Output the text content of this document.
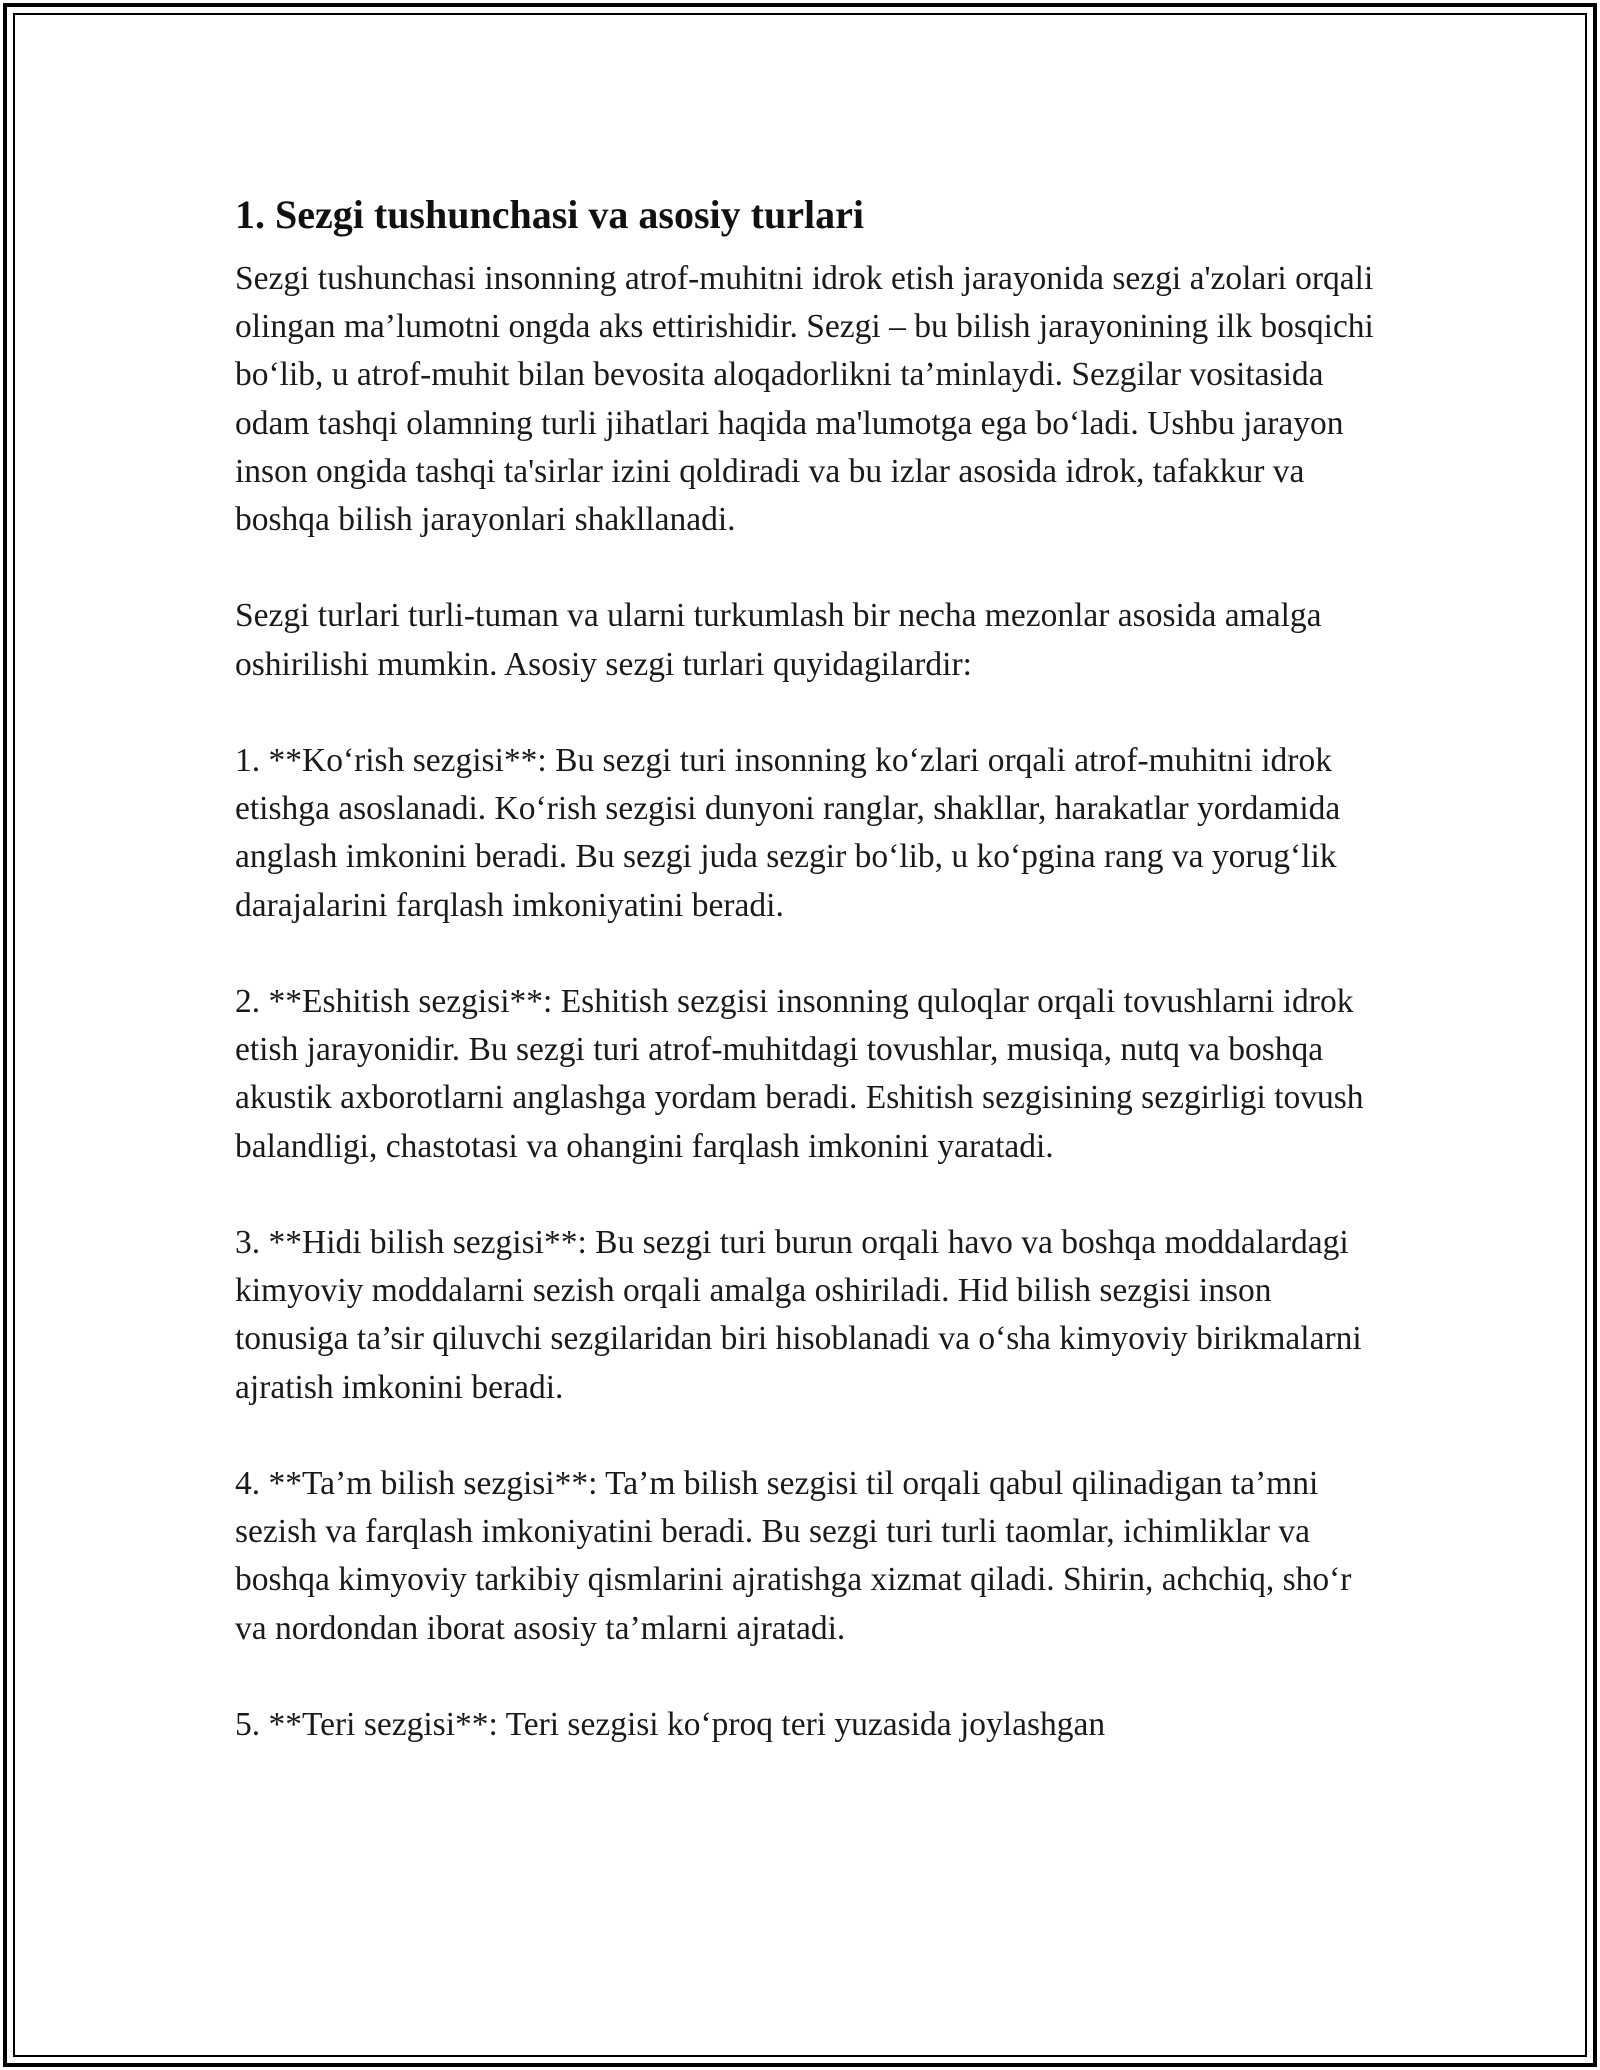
1. Sezgi tushunchasi va asosiy turlari

Sezgi tushunchasi insonning atrof-muhitni idrok etish jarayonida sezgi a'zolari orqali olingan ma’lumotni ongda aks ettirishidir. Sezgi – bu bilish jarayonining ilk bosqichi bo‘lib, u atrof-muhit bilan bevosita aloqadorlikni ta’minlaydi. Sezgilar vositasida odam tashqi olamning turli jihatlari haqida ma'lumotga ega bo‘ladi. Ushbu jarayon inson ongida tashqi ta'sirlar izini qoldiradi va bu izlar asosida idrok, tafakkur va boshqa bilish jarayonlari shakllanadi.

Sezgi turlari turli-tuman va ularni turkumlash bir necha mezonlar asosida amalga oshirilishi mumkin. Asosiy sezgi turlari quyidagilardir:

1. **Ko‘rish sezgisi**: Bu sezgi turi insonning ko‘zlari orqali atrof-muhitni idrok etishga asoslanadi. Ko‘rish sezgisi dunyoni ranglar, shakllar, harakatlar yordamida anglash imkonini beradi. Bu sezgi juda sezgir bo‘lib, u ko‘pgina rang va yorug‘lik darajalarini farqlash imkoniyatini beradi.

2. **Eshitish sezgisi**: Eshitish sezgisi insonning quloqlar orqali tovushlarni idrok etish jarayonidir. Bu sezgi turi atrof-muhitdagi tovushlar, musiqa, nutq va boshqa akustik axborotlarni anglashga yordam beradi. Eshitish sezgisining sezgirligi tovush balandligi, chastotasi va ohangini farqlash imkonini yaratadi.

3. **Hidi bilish sezgisi**: Bu sezgi turi burun orqali havo va boshqa moddalardagi kimyoviy moddalarni sezish orqali amalga oshiriladi. Hid bilish sezgisi inson tonusiga ta’sir qiluvchi sezgilaridan biri hisoblanadi va o‘sha kimyoviy birikmalarni ajratish imkonini beradi.

4. **Ta’m bilish sezgisi**: Ta’m bilish sezgisi til orqali qabul qilinadigan ta’mni sezish va farqlash imkoniyatini beradi. Bu sezgi turi turli taomlar, ichimliklar va boshqa kimyoviy tarkibiy qismlarini ajratishga xizmat qiladi. Shirin, achchiq, sho‘r va nordondan iborat asosiy ta’mlarni ajratadi.

5. **Teri sezgisi**: Teri sezgisi ko‘proq teri yuzasida joylashgan
